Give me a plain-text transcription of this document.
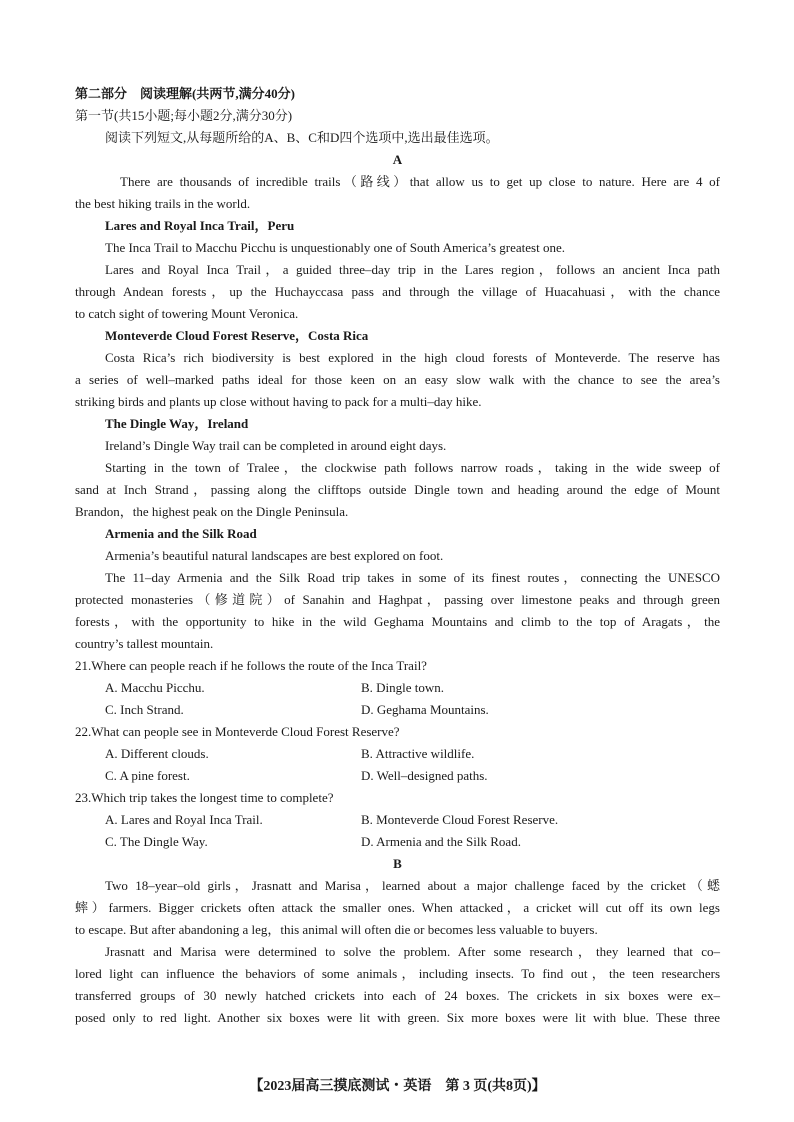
第二部分　阅读理解(共两节,满分40分)
第一节(共15小题;每小题2分,满分30分)
阅读下列短文,从每题所给的A、B、C和D四个选项中,选出最佳选项。
A
There are thousands of incredible trails（路线）that allow us to get up close to nature. Here are 4 of
the best hiking trails in the world.
Lares and Royal Inca Trail，Peru
The Inca Trail to Macchu Picchu is unquestionably one of South America’s greatest one.
Lares and Royal Inca Trail，a guided three–day trip in the Lares region，follows an ancient Inca path
through Andean forests，up the Huchayccasa pass and through the village of Huacahuasi，with the chance
to catch sight of towering Mount Veronica.
Monteverde Cloud Forest Reserve，Costa Rica
Costa Rica’s rich biodiversity is best explored in the high cloud forests of Monteverde. The reserve has
a series of well–marked paths ideal for those keen on an easy slow walk with the chance to see the area’s
striking birds and plants up close without having to pack for a multi–day hike.
The Dingle Way，Ireland
Ireland’s Dingle Way trail can be completed in around eight days.
Starting in the town of Tralee，the clockwise path follows narrow roads，taking in the wide sweep of
sand at Inch Strand，passing along the clifftops outside Dingle town and heading around the edge of Mount
Brandon，the highest peak on the Dingle Peninsula.
Armenia and the Silk Road
Armenia’s beautiful natural landscapes are best explored on foot.
The 11–day Armenia and the Silk Road trip takes in some of its finest routes，connecting the UNESCO
protected monasteries（修道院）of Sanahin and Haghpat，passing over limestone peaks and through green
forests，with the opportunity to hike in the wild Geghama Mountains and climb to the top of Aragats，the
country’s tallest mountain.
21.Where can people reach if he follows the route of the Inca Trail?
A. Macchu Picchu.	B. Dingle town.
C. Inch Strand.	D. Geghama Mountains.
22.What can people see in Monteverde Cloud Forest Reserve?
A. Different clouds.	B. Attractive wildlife.
C. A pine forest.	D. Well–designed paths.
23.Which trip takes the longest time to complete?
A. Lares and Royal Inca Trail.	B. Monteverde Cloud Forest Reserve.
C. The Dingle Way.	D. Armenia and the Silk Road.
B
Two 18–year–old girls，Jrasnatt and Marisa，learned about a major challenge faced by the cricket（蟋
蟀）farmers. Bigger crickets often attack the smaller ones. When attacked，a cricket will cut off its own legs
to escape. But after abandoning a leg，this animal will often die or becomes less valuable to buyers.
Jrasnatt and Marisa were determined to solve the problem. After some research，they learned that co–
lored light can influence the behaviors of some animals，including insects. To find out，the teen researchers
transferred groups of 30 newly hatched crickets into each of 24 boxes. The crickets in six boxes were ex–
posed only to red light. Another six boxes were lit with green. Six more boxes were lit with blue. These three
【2023届高三摸底测试・英语　第 3 页(共8页)】
